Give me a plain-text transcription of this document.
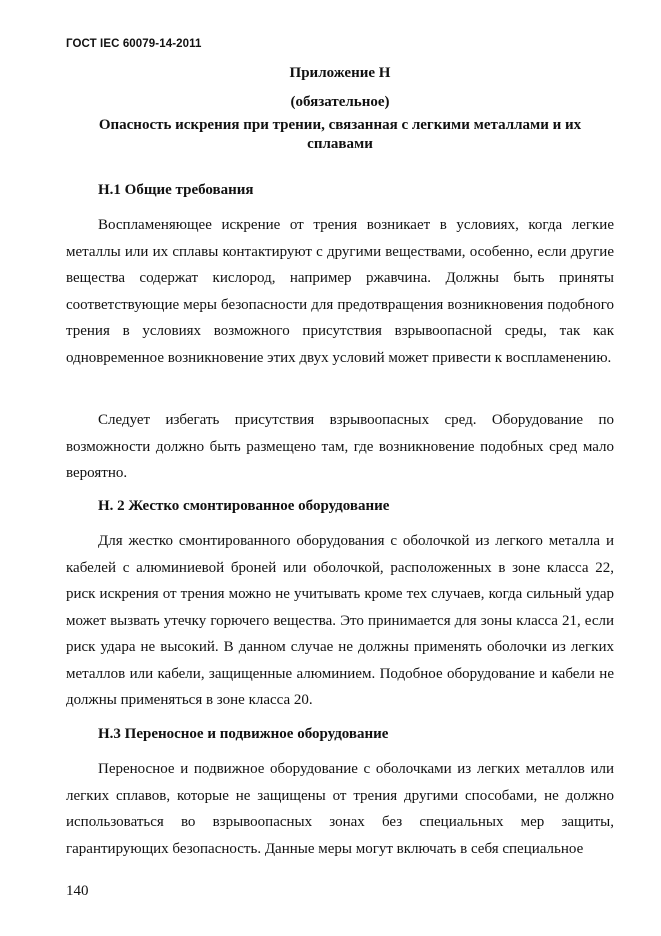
ГОСТ IEC 60079-14-2011
Приложение Н
(обязательное)
Опасность искрения при трении, связанная с легкими металлами и их сплавами
Н.1 Общие требования

Воспламеняющее искрение от трения возникает в условиях, когда легкие металлы или их сплавы контактируют с другими веществами, особенно, если другие вещества содержат кислород, например ржавчина. Должны быть приняты соответствующие меры безопасности для предотвращения возникновения подобного трения в условиях возможного присутствия взрывоопасной среды, так как одновременное возникновение этих двух условий может привести к воспламенению.

Следует избегать присутствия взрывоопасных сред. Оборудование по возможности должно быть размещено там, где возникновение подобных сред мало вероятно.

Н. 2 Жестко смонтированное оборудование

Для жестко смонтированного оборудования с оболочкой из легкого металла и кабелей с алюминиевой броней или оболочкой, расположенных в зоне класса 22, риск искрения от трения можно не учитывать кроме тех случаев, когда сильный удар может вызвать утечку горючего вещества. Это принимается для зоны класса 21, если риск удара не высокий. В данном случае не должны применять оболочки из легких металлов или кабели, защищенные алюминием. Подобное оборудование и кабели не должны применяться в зоне класса 20.

Н.3 Переносное и подвижное оборудование

Переносное и подвижное оборудование с оболочками из легких металлов или легких сплавов, которые не защищены от трения другими способами, не должно использоваться во взрывоопасных зонах без специальных мер защиты, гарантирующих безопасность. Данные меры могут включать в себя специальное

140
